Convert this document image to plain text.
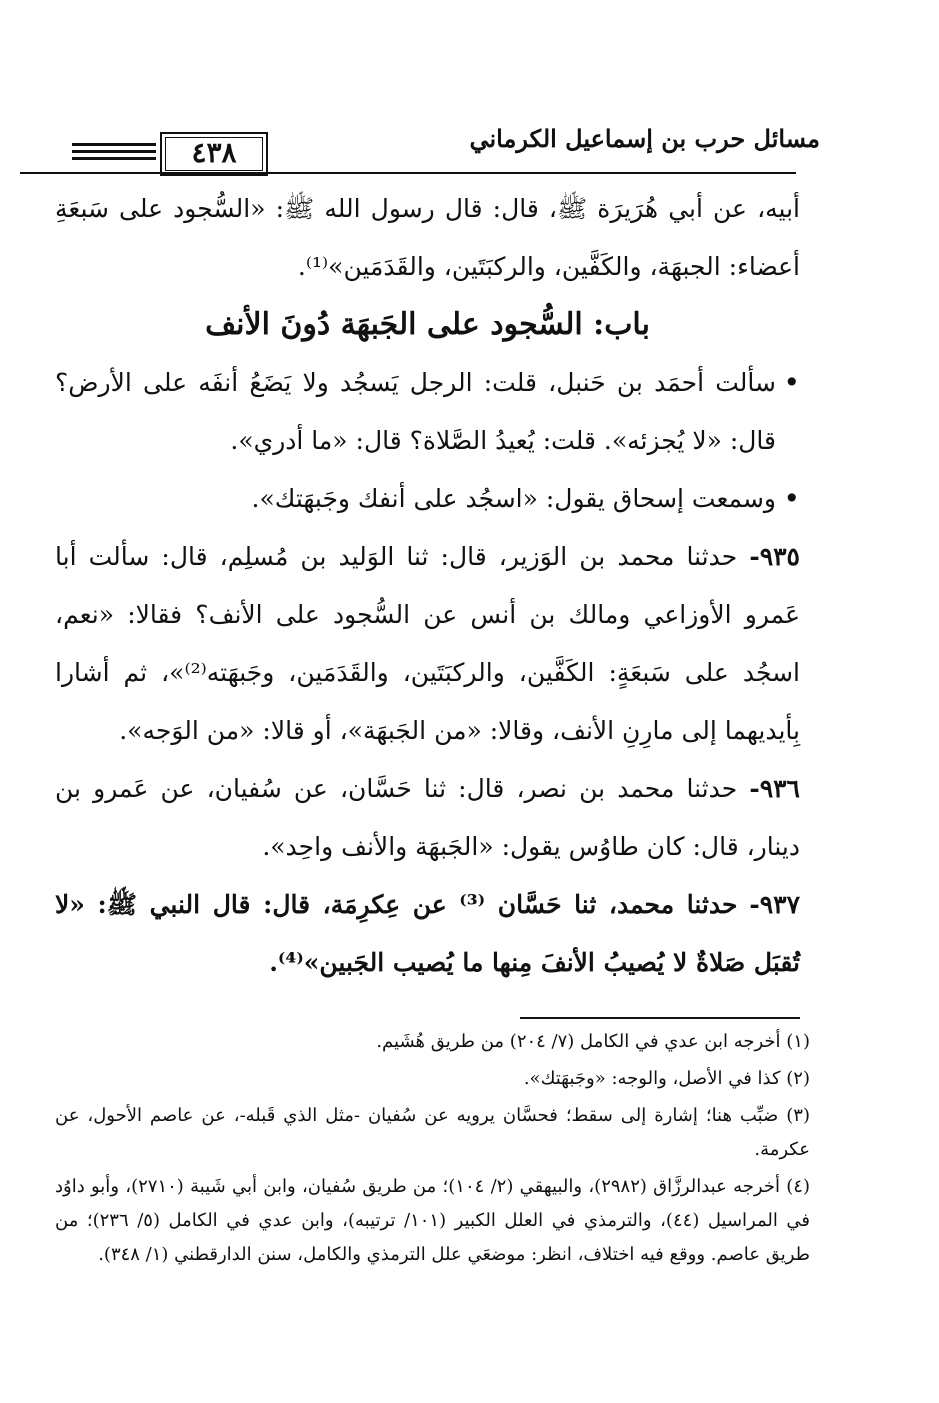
مسائل حرب بن إسماعيل الكرماني
٤٣٨

أبيه، عن أبي هُرَيرَة ﷺ، قال: قال رسول الله ﷺ: «السُّجود على سَبعَةِ أعضاء: الجبهَة، والكَفَّين، والركبَتَين، والقَدَمَين»⁽¹⁾.

باب: السُّجود على الجَبهَة دُونَ الأنف

• سألت أحمَد بن حَنبل، قلت: الرجل يَسجُد ولا يَضَعُ أنفَه على الأرض؟ قال: «لا يُجزئه». قلت: يُعيدُ الصَّلاة؟ قال: «ما أدري».

• وسمعت إسحاق يقول: «اسجُد على أنفك وجَبهَتك».

٩٣٥- حدثنا محمد بن الوَزير، قال: ثنا الوَليد بن مُسلِم، قال: سألت أبا عَمرو الأوزاعي ومالك بن أنس عن السُّجود على الأنف؟ فقالا: «نعم، اسجُد على سَبعَةٍ: الكَفَّين، والركبَتَين، والقَدَمَين، وجَبهَته⁽²⁾»، ثم أشارا بِأيديهما إلى مارِنِ الأنف، وقالا: «من الجَبهَة»، أو قالا: «من الوَجه».

٩٣٦- حدثنا محمد بن نصر، قال: ثنا حَسَّان، عن سُفيان، عن عَمرو بن دينار، قال: كان طاوُس يقول: «الجَبهَة والأنف واحِد».

٩٣٧- حدثنا محمد، ثنا حَسَّان ⁽³⁾ عن عِكرِمَة، قال: قال النبي ﷺ: «لا تُقبَل صَلاةٌ لا يُصيبُ الأنفَ مِنها ما يُصيب الجَبين»⁽⁴⁾.

(١) أخرجه ابن عدي في الكامل (٧/ ٢٠٤) من طريق هُشَيم.

(٢) كذا في الأصل، والوجه: «وجَبهَتك».

(٣) ضبِّب هنا؛ إشارة إلى سقط؛ فحسَّان يرويه عن سُفيان -مثل الذي قَبله-، عن عاصم الأحول، عن عكرمة.

(٤) أخرجه عبدالرزَّاق (٢٩٨٢)، والبيهقي (٢/ ١٠٤)؛ من طريق سُفيان، وابن أبي شَيبة (٢٧١٠)، وأبو داوُد في المراسيل (٤٤)، والترمذي في العلل الكبير (١٠١/ ترتيبه)، وابن عدي في الكامل (٥/ ٢٣٦)؛ من طريق عاصم. ووقع فيه اختلاف، انظر: موضعَي علل الترمذي والكامل، سنن الدارقطني (١/ ٣٤٨).
